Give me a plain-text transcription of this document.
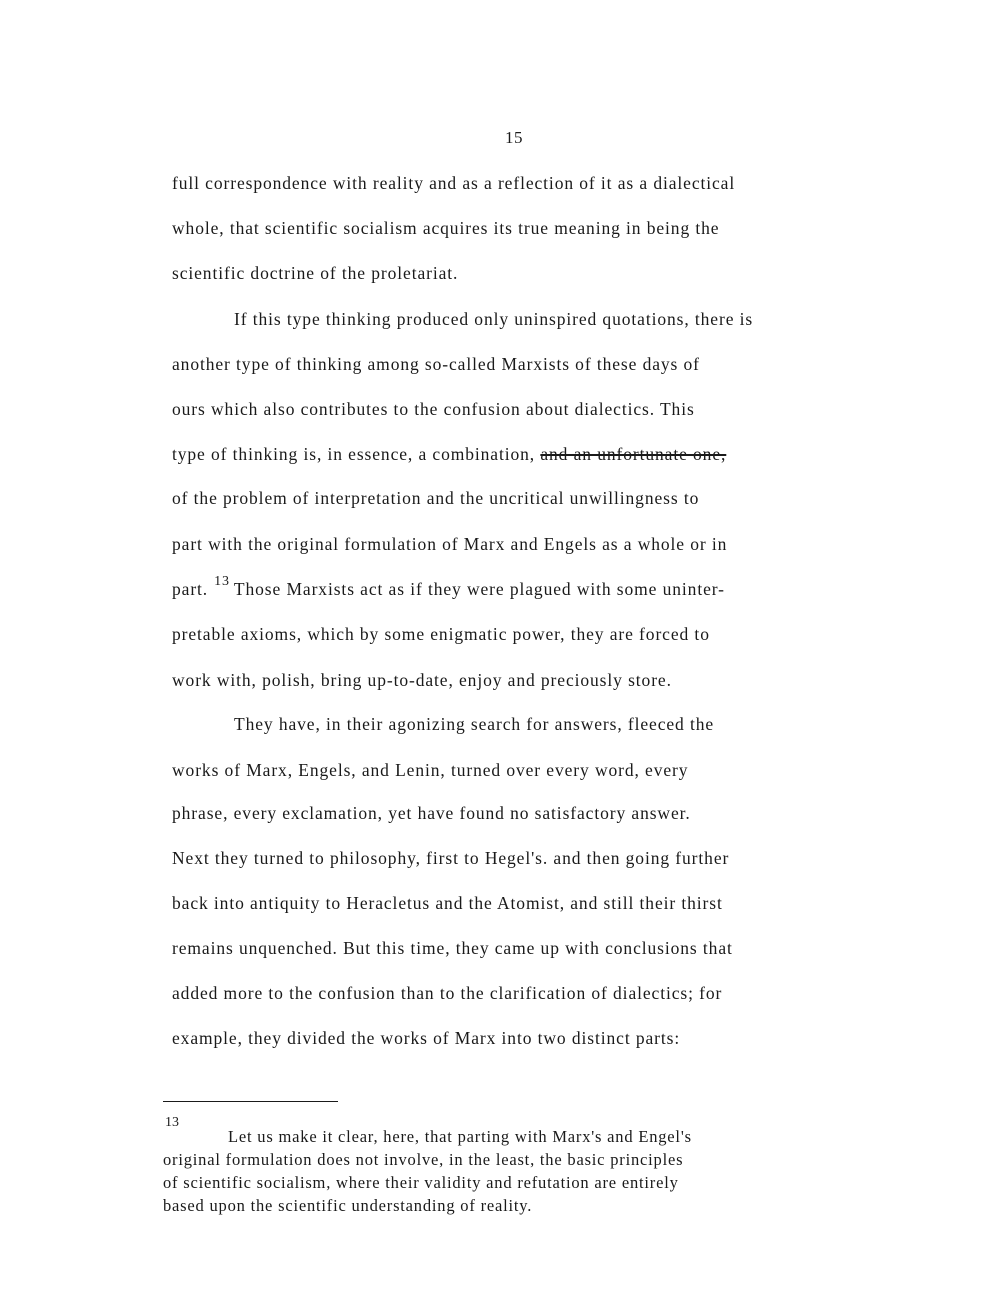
15
full correspondence with reality and as a reflection of it as a dialectical
whole, that scientific socialism acquires its true meaning in being the
scientific doctrine of the proletariat.
If this type thinking produced only uninspired quotations, there is
another type of thinking among so-called Marxists of these days of
ours which also contributes to the confusion about dialectics. This
type of thinking is, in essence, a combination, and an unfortunate one,
of the problem of interpretation and the uncritical unwillingness to
part with the original formulation of Marx and Engels as a whole or in
part. $^{13}$ Those Marxists act as if they were plagued with some uninter-
pretable axioms, which by some enigmatic power, they are forced to
work with, polish, bring up-to-date, enjoy and preciously store.
They have, in their agonizing search for answers, fleeced the
works of Marx, Engels, and Lenin, turned over every word, every
phrase, every exclamation, yet have found no satisfactory answer.
Next they turned to philosophy, first to Hegel's. and then going further
back into antiquity to Heracletus and the Atomist, and still their thirst
remains unquenched. But this time, they came up with conclusions that
added more to the confusion than to the clarification of dialectics; for
example, they divided the works of Marx into two distinct parts:
13
Let us make it clear, here, that parting with Marx's and Engel's
original formulation does not involve, in the least, the basic principles
of scientific socialism, where their validity and refutation are entirely
based upon the scientific understanding of reality.
